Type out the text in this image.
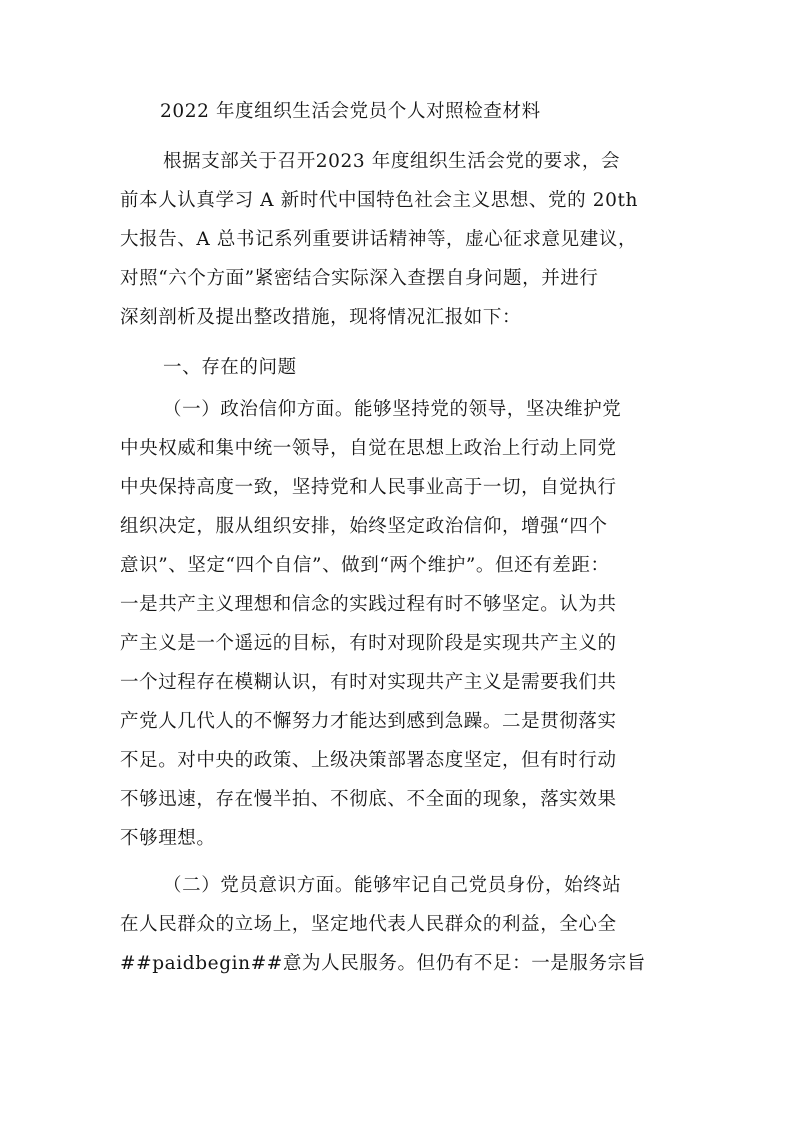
2022 年度组织生活会党员个人对照检查材料
根据支部关于召开2023 年度组织生活会党的要求，会
前本人认真学习 A 新时代中国特色社会主义思想、党的 20th
大报告、A 总书记系列重要讲话精神等，虚心征求意见建议，
对照“六个方面”紧密结合实际深入查摆自身问题，并进行
深刻剖析及提出整改措施，现将情况汇报如下：
一、存在的问题
（一）政治信仰方面。能够坚持党的领导，坚决维护党
中央权威和集中统一领导，自觉在思想上政治上行动上同党
中央保持高度一致，坚持党和人民事业高于一切，自觉执行
组织决定，服从组织安排，始终坚定政治信仰，增强“四个
意识”、坚定“四个自信”、做到“两个维护”。但还有差距：
一是共产主义理想和信念的实践过程有时不够坚定。认为共
产主义是一个遥远的目标，有时对现阶段是实现共产主义的
一个过程存在模糊认识，有时对实现共产主义是需要我们共
产党人几代人的不懈努力才能达到感到急躁。二是贯彻落实
不足。对中央的政策、上级决策部署态度坚定，但有时行动
不够迅速，存在慢半拍、不彻底、不全面的现象，落实效果
不够理想。
（二）党员意识方面。能够牢记自己党员身份，始终站
在人民群众的立场上，坚定地代表人民群众的利益，全心全
##paidbegin##意为人民服务。但仍有不足：一是服务宗旨
